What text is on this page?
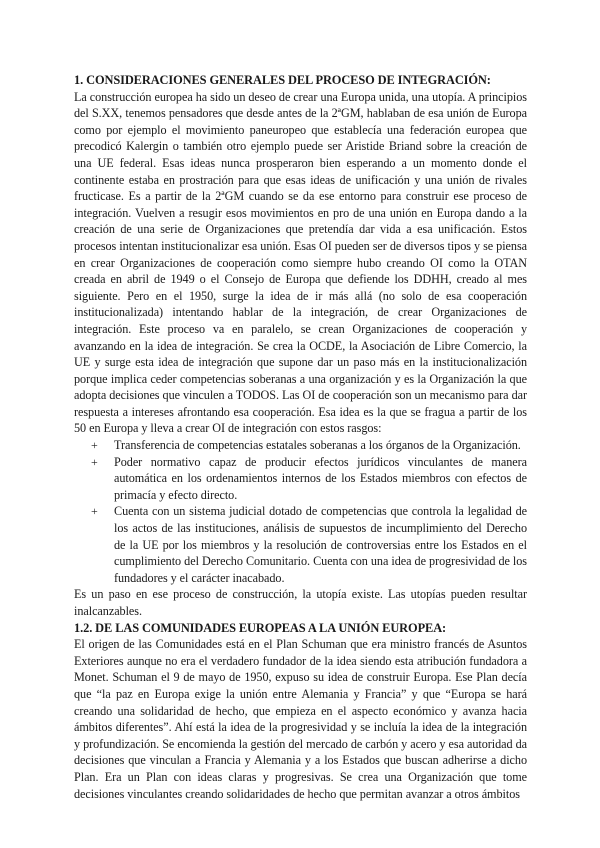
1. CONSIDERACIONES GENERALES DEL PROCESO DE INTEGRACIÓN:

La construcción europea ha sido un deseo de crear una Europa unida, una utopía. A principios del S.XX, tenemos pensadores que desde antes de la 2ªGM, hablaban de esa unión de Europa como por ejemplo el movimiento paneuropeo que establecía una federación europea que precodicó Kalergin o también otro ejemplo puede ser Aristide Briand sobre la creación de una UE federal. Esas ideas nunca prosperaron bien esperando a un momento donde el continente estaba en prostración para que esas ideas de unificación y una unión de rivales fructicase. Es a partir de la 2ªGM cuando se da ese entorno para construir ese proceso de integración. Vuelven a resugir esos movimientos en pro de una unión en Europa dando a la creación de una serie de Organizaciones que pretendía dar vida a esa unificación. Estos procesos intentan institucionalizar esa unión. Esas OI pueden ser de diversos tipos y se piensa en crear Organizaciones de cooperación como siempre hubo creando OI como la OTAN creada en abril de 1949 o el Consejo de Europa que defiende los DDHH, creado al mes siguiente. Pero en el 1950, surge la idea de ir más allá (no solo de esa cooperación institucionalizada) intentando hablar de la integración, de crear Organizaciones de integración. Este proceso va en paralelo, se crean Organizaciones de cooperación y avanzando en la idea de integración. Se crea la OCDE, la Asociación de Libre Comercio, la UE y surge esta idea de integración que supone dar un paso más en la institucionalización porque implica ceder competencias soberanas a una organización y es la Organización la que adopta decisiones que vinculen a TODOS. Las OI de cooperación son un mecanismo para dar respuesta a intereses afrontando esa cooperación. Esa idea es la que se fragua a partir de los 50 en Europa y lleva a crear OI de integración con estos rasgos:

+ Transferencia de competencias estatales soberanas a los órganos de la Organización.
+ Poder normativo capaz de producir efectos jurídicos vinculantes de manera automática en los ordenamientos internos de los Estados miembros con efectos de primacía y efecto directo.
+ Cuenta con un sistema judicial dotado de competencias que controla la legalidad de los actos de las instituciones, análisis de supuestos de incumplimiento del Derecho de la UE por los miembros y la resolución de controversias entre los Estados en el cumplimiento del Derecho Comunitario. Cuenta con una idea de progresividad de los fundadores y el carácter inacabado.

Es un paso en ese proceso de construcción, la utopía existe. Las utopías pueden resultar inalcanzables.

1.2. DE LAS COMUNIDADES EUROPEAS A LA UNIÓN EUROPEA:

El origen de las Comunidades está en el Plan Schuman que era ministro francés de Asuntos Exteriores aunque no era el verdadero fundador de la idea siendo esta atribución fundadora a Monet. Schuman el 9 de mayo de 1950, expuso su idea de construir Europa. Ese Plan decía que “la paz en Europa exige la unión entre Alemania y Francia” y que “Europa se hará creando una solidaridad de hecho, que empieza en el aspecto económico y avanza hacia ámbitos diferentes”. Ahí está la idea de la progresividad y se incluía la idea de la integración y profundización. Se encomienda la gestión del mercado de carbón y acero y esa autoridad da decisiones que vinculan a Francia y Alemania y a los Estados que buscan adherirse a dicho Plan. Era un Plan con ideas claras y progresivas. Se crea una Organización que tome decisiones vinculantes creando solidaridades de hecho que permitan avanzar a otros ámbitos
